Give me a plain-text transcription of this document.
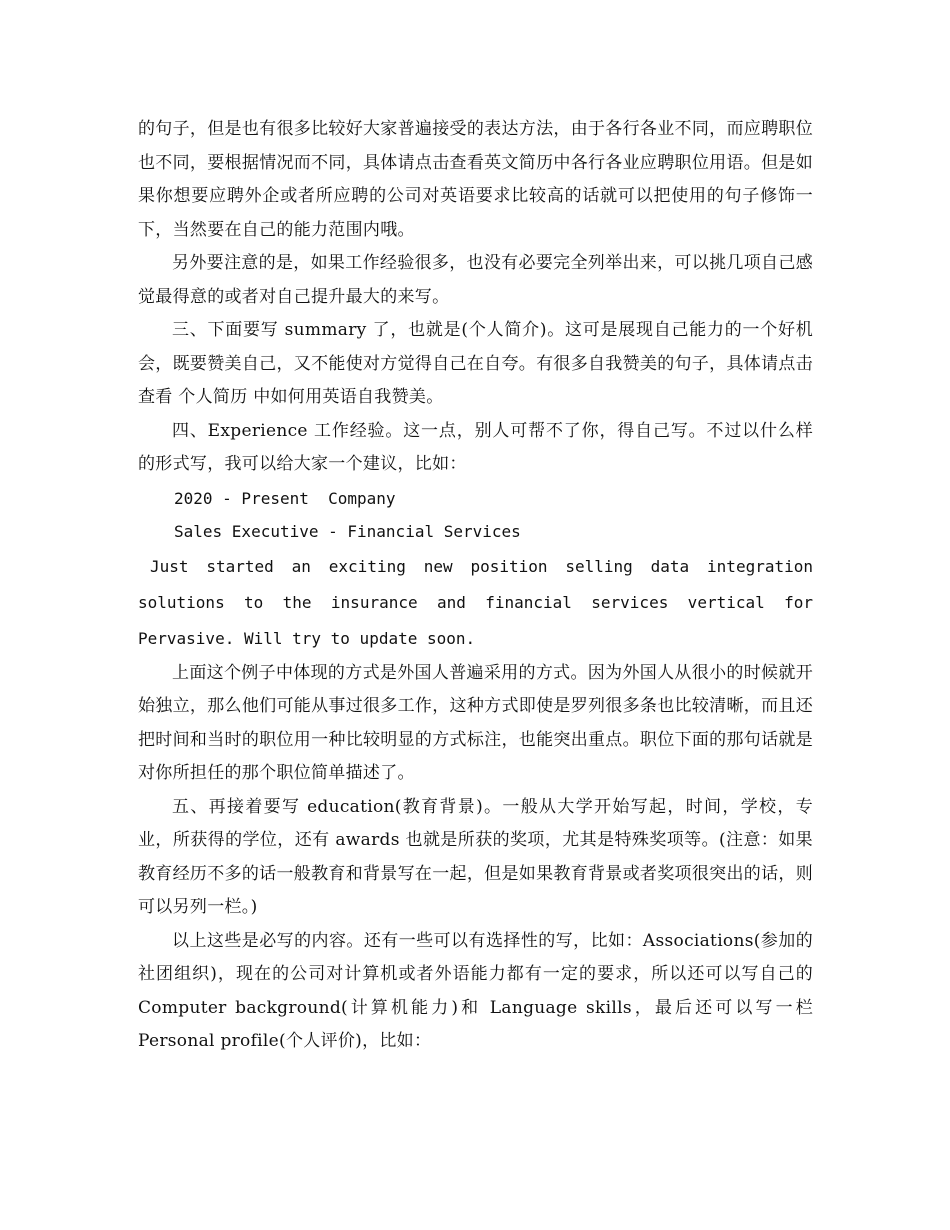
的句子，但是也有很多比较好大家普遍接受的表达方法，由于各行各业不同，而应聘职位也不同，要根据情况而不同，具体请点击查看英文简历中各行各业应聘职位用语。但是如果你想要应聘外企或者所应聘的公司对英语要求比较高的话就可以把使用的句子修饰一下，当然要在自己的能力范围内哦。

另外要注意的是，如果工作经验很多，也没有必要完全列举出来，可以挑几项自己感觉最得意的或者对自己提升最大的来写。

三、下面要写 summary 了，也就是(个人简介)。这可是展现自己能力的一个好机会，既要赞美自己，又不能使对方觉得自己在自夸。有很多自我赞美的句子，具体请点击查看 个人简历 中如何用英语自我赞美。

四、Experience 工作经验。这一点，别人可帮不了你，得自己写。不过以什么样的形式写，我可以给大家一个建议，比如：

2020 - Present  Company

Sales Executive - Financial Services

Just started an exciting new position selling data integration

solutions to the insurance and financial services vertical for

Pervasive. Will try to update soon.

上面这个例子中体现的方式是外国人普遍采用的方式。因为外国人从很小的时候就开始独立，那么他们可能从事过很多工作，这种方式即使是罗列很多条也比较清晰，而且还把时间和当时的职位用一种比较明显的方式标注，也能突出重点。职位下面的那句话就是对你所担任的那个职位简单描述了。

五、再接着要写 education(教育背景)。一般从大学开始写起，时间，学校，专业，所获得的学位，还有 awards 也就是所获的奖项，尤其是特殊奖项等。(注意：如果教育经历不多的话一般教育和背景写在一起，但是如果教育背景或者奖项很突出的话，则可以另列一栏。)

以上这些是必写的内容。还有一些可以有选择性的写，比如：Associations(参加的社团组织)，现在的公司对计算机或者外语能力都有一定的要求，所以还可以写自己的 Computer background(计算机能力)和 Language skills，最后还可以写一栏 Personal profile(个人评价)，比如：
